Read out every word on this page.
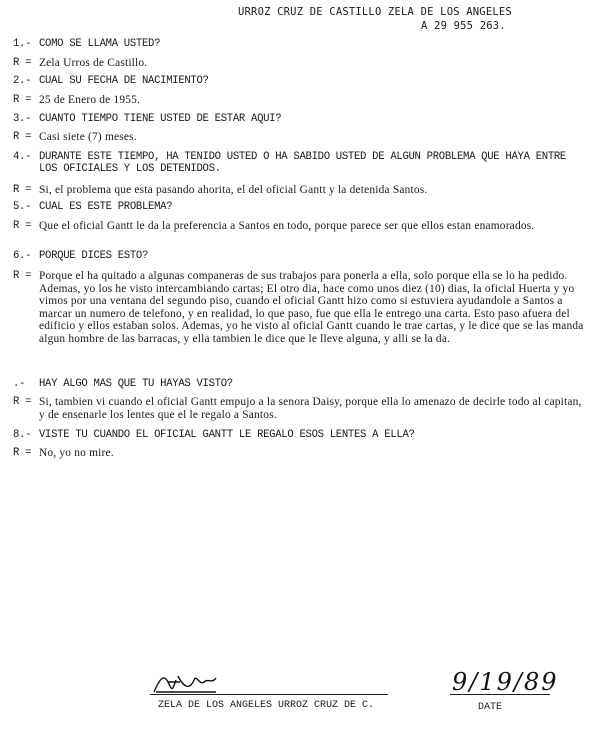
URROZ CRUZ DE CASTILLO ZELA DE LOS ANGELES
A 29 955 263.
1.- COMO SE LLAMA USTED?
R = Zela Urros de Castillo.
2.- CUAL SU FECHA DE NACIMIENTO?
R = 25 de Enero de 1955.
3.- CUANTO TIEMPO TIENE USTED DE ESTAR AQUI?
R = Casi siete (7) meses.
4.- DURANTE ESTE TIEMPO, HA TENIDO USTED O HA SABIDO USTED DE ALGUN PROBLEMA QUE HAYA ENTRE LOS OFICIALES Y LOS DETENIDOS.
R = Si, el problema que esta pasando ahorita, el del oficial Gantt y la detenida Santos.
5.- CUAL ES ESTE PROBLEMA?
R = Que el oficial Gantt le da la preferencia a Santos en todo, porque parece ser que ellos estan enamorados.
6.- PORQUE DICES ESTO?
R = Porque el ha quitado a algunas companeras de sus trabajos para ponerla a ella, solo porque ella se lo ha pedido. Ademas, yo los he visto intercambiando cartas; El otro dia, hace como unos diez (10) dias, la oficial Huerta y yo vimos por una ventana del segundo piso, cuando el oficial Gantt hizo como si estuviera ayudandole a Santos a marcar un numero de telefono, y en realidad, lo que paso, fue que ella le entrego una carta. Esto paso afuera del edificio y ellos estaban solos. Ademas, yo he visto al oficial Gantt cuando le trae cartas, y le dice que se las manda algun hombre de las barracas, y ella tambien le dice que le lleve alguna, y alli se la da.
.-	HAY ALGO MAS QUE TU HAYAS VISTO?
R = Si, tambien vi cuando el oficial Gantt empujo a la senora Daisy, porque ella lo amenazo de decirle todo al capitan, y de ensenarle los lentes que el le regalo a Santos.
8.- VISTE TU CUANDO EL OFICIAL GANTT LE REGALO ESOS LENTES A ELLA?
R = No, yo no mire.
ZELA DE LOS ANGELES URROZ CRUZ DE C.
9/19/89
DATE
